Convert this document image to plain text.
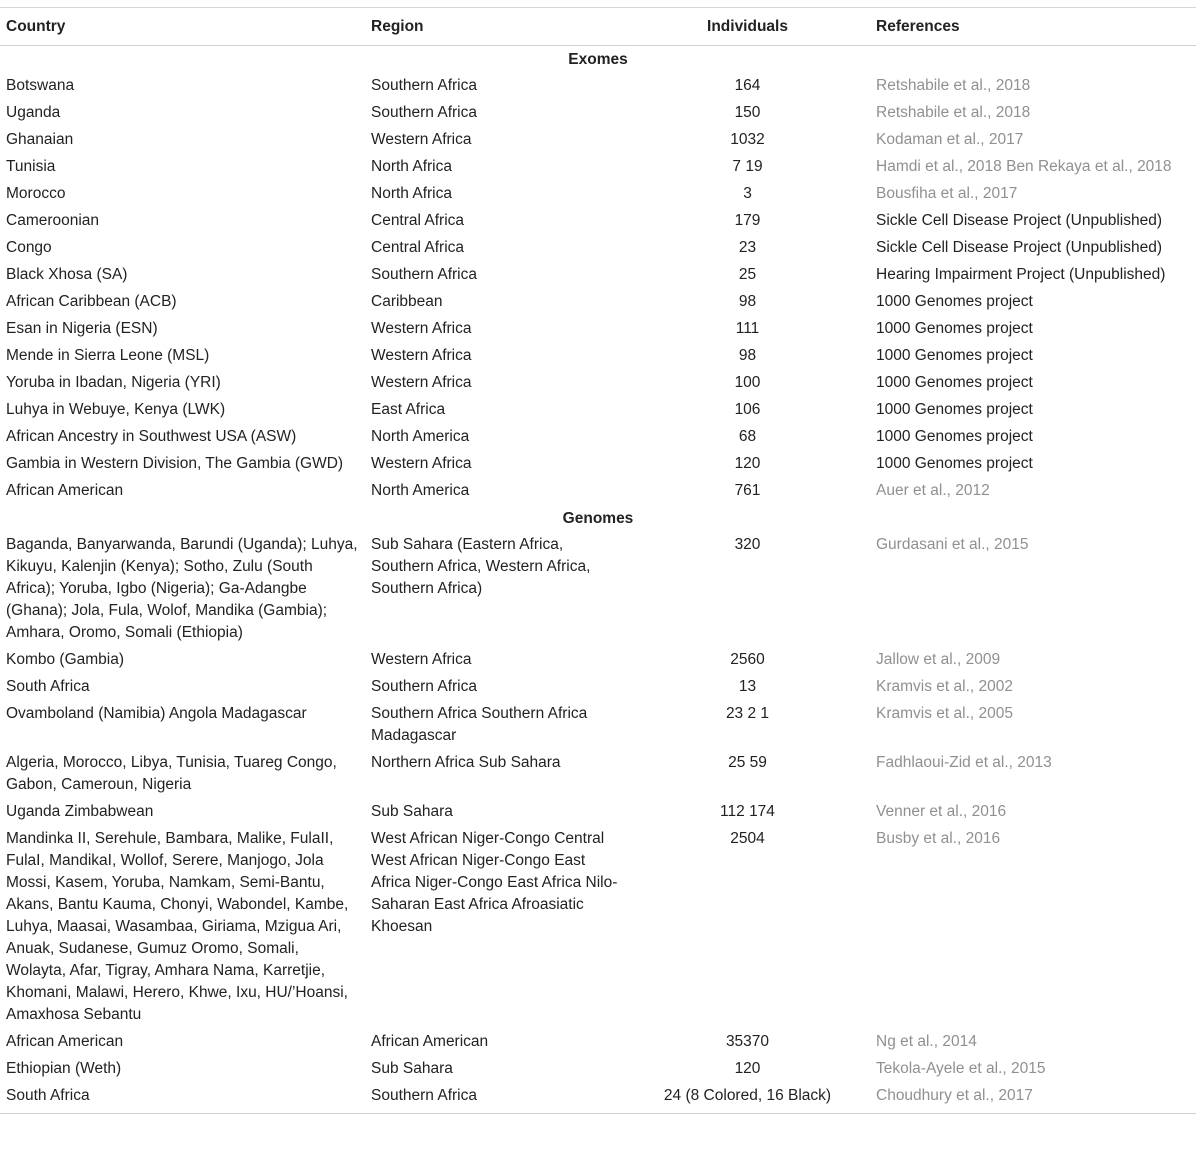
Country	Region	Individuals	References
Exomes			
Botswana	Southern Africa	164	Retshabile et al., 2018
Uganda	Southern Africa	150	Retshabile et al., 2018
Ghanaian	Western Africa	1032	Kodaman et al., 2017
Tunisia	North Africa	7 19	Hamdi et al., 2018 Ben Rekaya et al., 2018
Morocco	North Africa	3	Bousfiha et al., 2017
Cameroonian	Central Africa	179	Sickle Cell Disease Project (Unpublished)
Congo	Central Africa	23	Sickle Cell Disease Project (Unpublished)
Black Xhosa (SA)	Southern Africa	25	Hearing Impairment Project (Unpublished)
African Caribbean (ACB)	Caribbean	98	1000 Genomes project
Esan in Nigeria (ESN)	Western Africa	111	1000 Genomes project
Mende in Sierra Leone (MSL)	Western Africa	98	1000 Genomes project
Yoruba in Ibadan, Nigeria (YRI)	Western Africa	100	1000 Genomes project
Luhya in Webuye, Kenya (LWK)	East Africa	106	1000 Genomes project
African Ancestry in Southwest USA (ASW)	North America	68	1000 Genomes project
Gambia in Western Division, The Gambia (GWD)	Western Africa	120	1000 Genomes project
African American	North America	761	Auer et al., 2012
Genomes			
Baganda, Banyarwanda, Barundi (Uganda); Luhya, Kikuyu, Kalenjin (Kenya); Sotho, Zulu (South Africa); Yoruba, Igbo (Nigeria); Ga-Adangbe (Ghana); Jola, Fula, Wolof, Mandika (Gambia); Amhara, Oromo, Somali (Ethiopia)	Sub Sahara (Eastern Africa, Southern Africa, Western Africa, Southern Africa)	320	Gurdasani et al., 2015
Kombo (Gambia)	Western Africa	2560	Jallow et al., 2009
South Africa	Southern Africa	13	Kramvis et al., 2002
Ovamboland (Namibia) Angola Madagascar	Southern Africa Southern Africa Madagascar	23 2 1	Kramvis et al., 2005
Algeria, Morocco, Libya, Tunisia, Tuareg Congo, Gabon, Cameroun, Nigeria	Northern Africa Sub Sahara	25 59	Fadhlaoui-Zid et al., 2013
Uganda Zimbabwean	Sub Sahara	112 174	Venner et al., 2016
Mandinka II, Serehule, Bambara, Malike, FulaII, FulaI, MandikaI, Wollof, Serere, Manjogo, Jola Mossi, Kasem, Yoruba, Namkam, Semi-Bantu, Akans, Bantu Kauma, Chonyi, Wabondel, Kambe, Luhya, Maasai, Wasambaa, Giriama, Mzigua Ari, Anuak, Sudanese, Gumuz Oromo, Somali, Wolayta, Afar, Tigray, Amhara Nama, Karretjie, Khomani, Malawi, Herero, Khwe, Ixu, HU/’Hoansi, Amaxhosa Sebantu	West African Niger-Congo Central West African Niger-Congo East Africa Niger-Congo East Africa Nilo-Saharan East Africa Afroasiatic Khoesan	2504	Busby et al., 2016
African American	African American	35370	Ng et al., 2014
Ethiopian (Weth)	Sub Sahara	120	Tekola-Ayele et al., 2015
South Africa	Southern Africa	24 (8 Colored, 16 Black)	Choudhury et al., 2017
